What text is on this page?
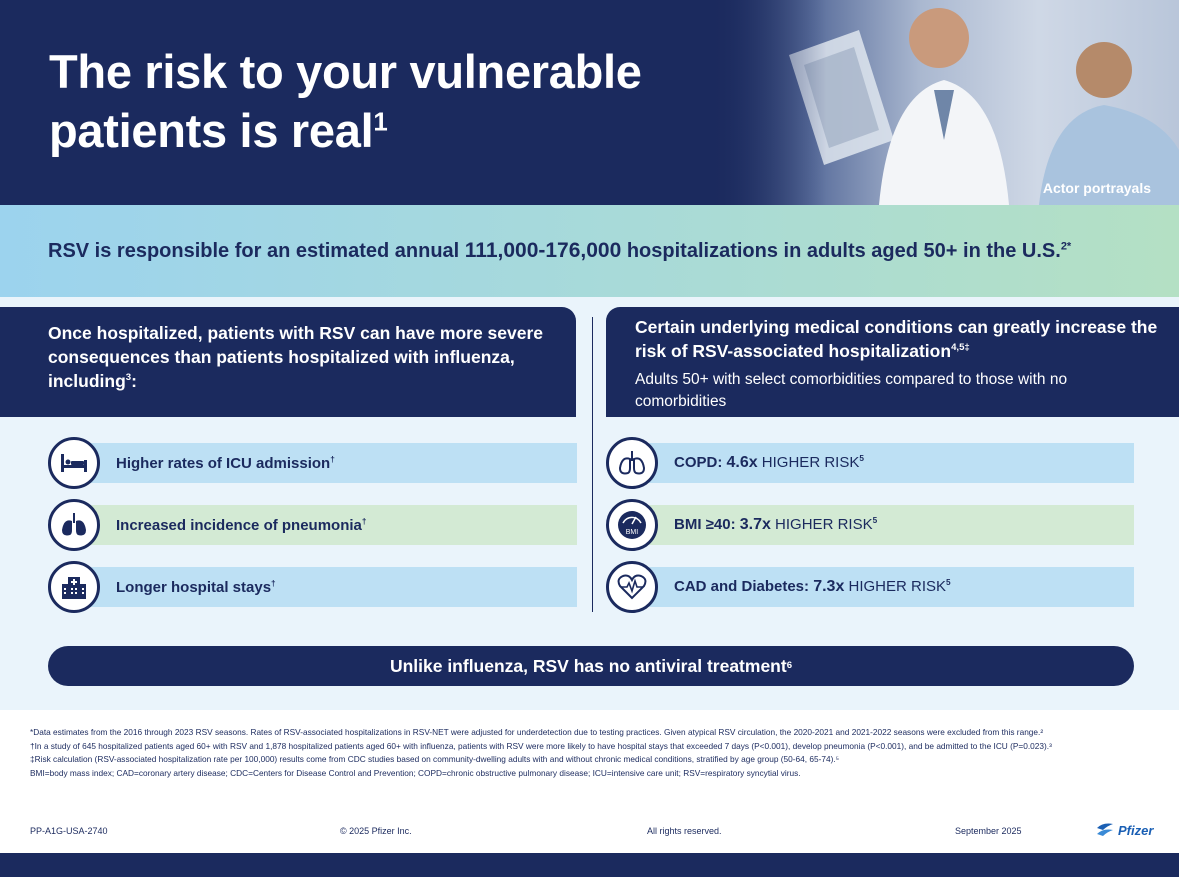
The risk to your vulnerable
patients is real$^1$
Actor portrayals
RSV is responsible for an estimated annual 111,000-176,000 hospitalizations in adults aged 50+ in the U.S.$^{2*}$
Once hospitalized, patients with RSV can have more severe consequences than patients hospitalized with influenza, including$^3$:
Certain underlying medical conditions can greatly increase the risk of RSV-associated hospitalization$^{4,5\ddagger}$
Adults 50+ with select comorbidities compared to those with no comorbidities
Higher rates of ICU admission†
Increased incidence of pneumonia†
Longer hospital stays†
COPD: 4.6x HIGHER RISK$^5$
BMI BMI ≥40: 3.7x HIGHER RISK$^5$
CAD and Diabetes: 7.3x HIGHER RISK$^5$
Unlike influenza, RSV has no antiviral treatment 6

*Data estimates from the 2016 through 2023 RSV seasons. Rates of RSV-associated hospitalizations in RSV-NET were adjusted for underdetection due to testing practices. Given atypical RSV circulation, the 2020-2021 and 2021-2022 seasons were excluded from this range.²

†In a study of 645 hospitalized patients aged 60+ with RSV and 1,878 hospitalized patients aged 60+ with influenza, patients with RSV were more likely to have hospital stays that exceeded 7 days (P<0.001), develop pneumonia (P<0.001), and be admitted to the ICU (P=0.023).³

‡Risk calculation (RSV-associated hospitalization rate per 100,000) results come from CDC studies based on community-dwelling adults with and without chronic medical conditions, stratified by age group (50-64, 65-74).⁵

BMI=body mass index; CAD=coronary artery disease; CDC=Centers for Disease Control and Prevention; COPD=chronic obstructive pulmonary disease; ICU=intensive care unit; RSV=respiratory syncytial virus.

PP-A1G-USA-2740	© 2025 Pfizer Inc.	All rights reserved.	September 2025	Pfizer
